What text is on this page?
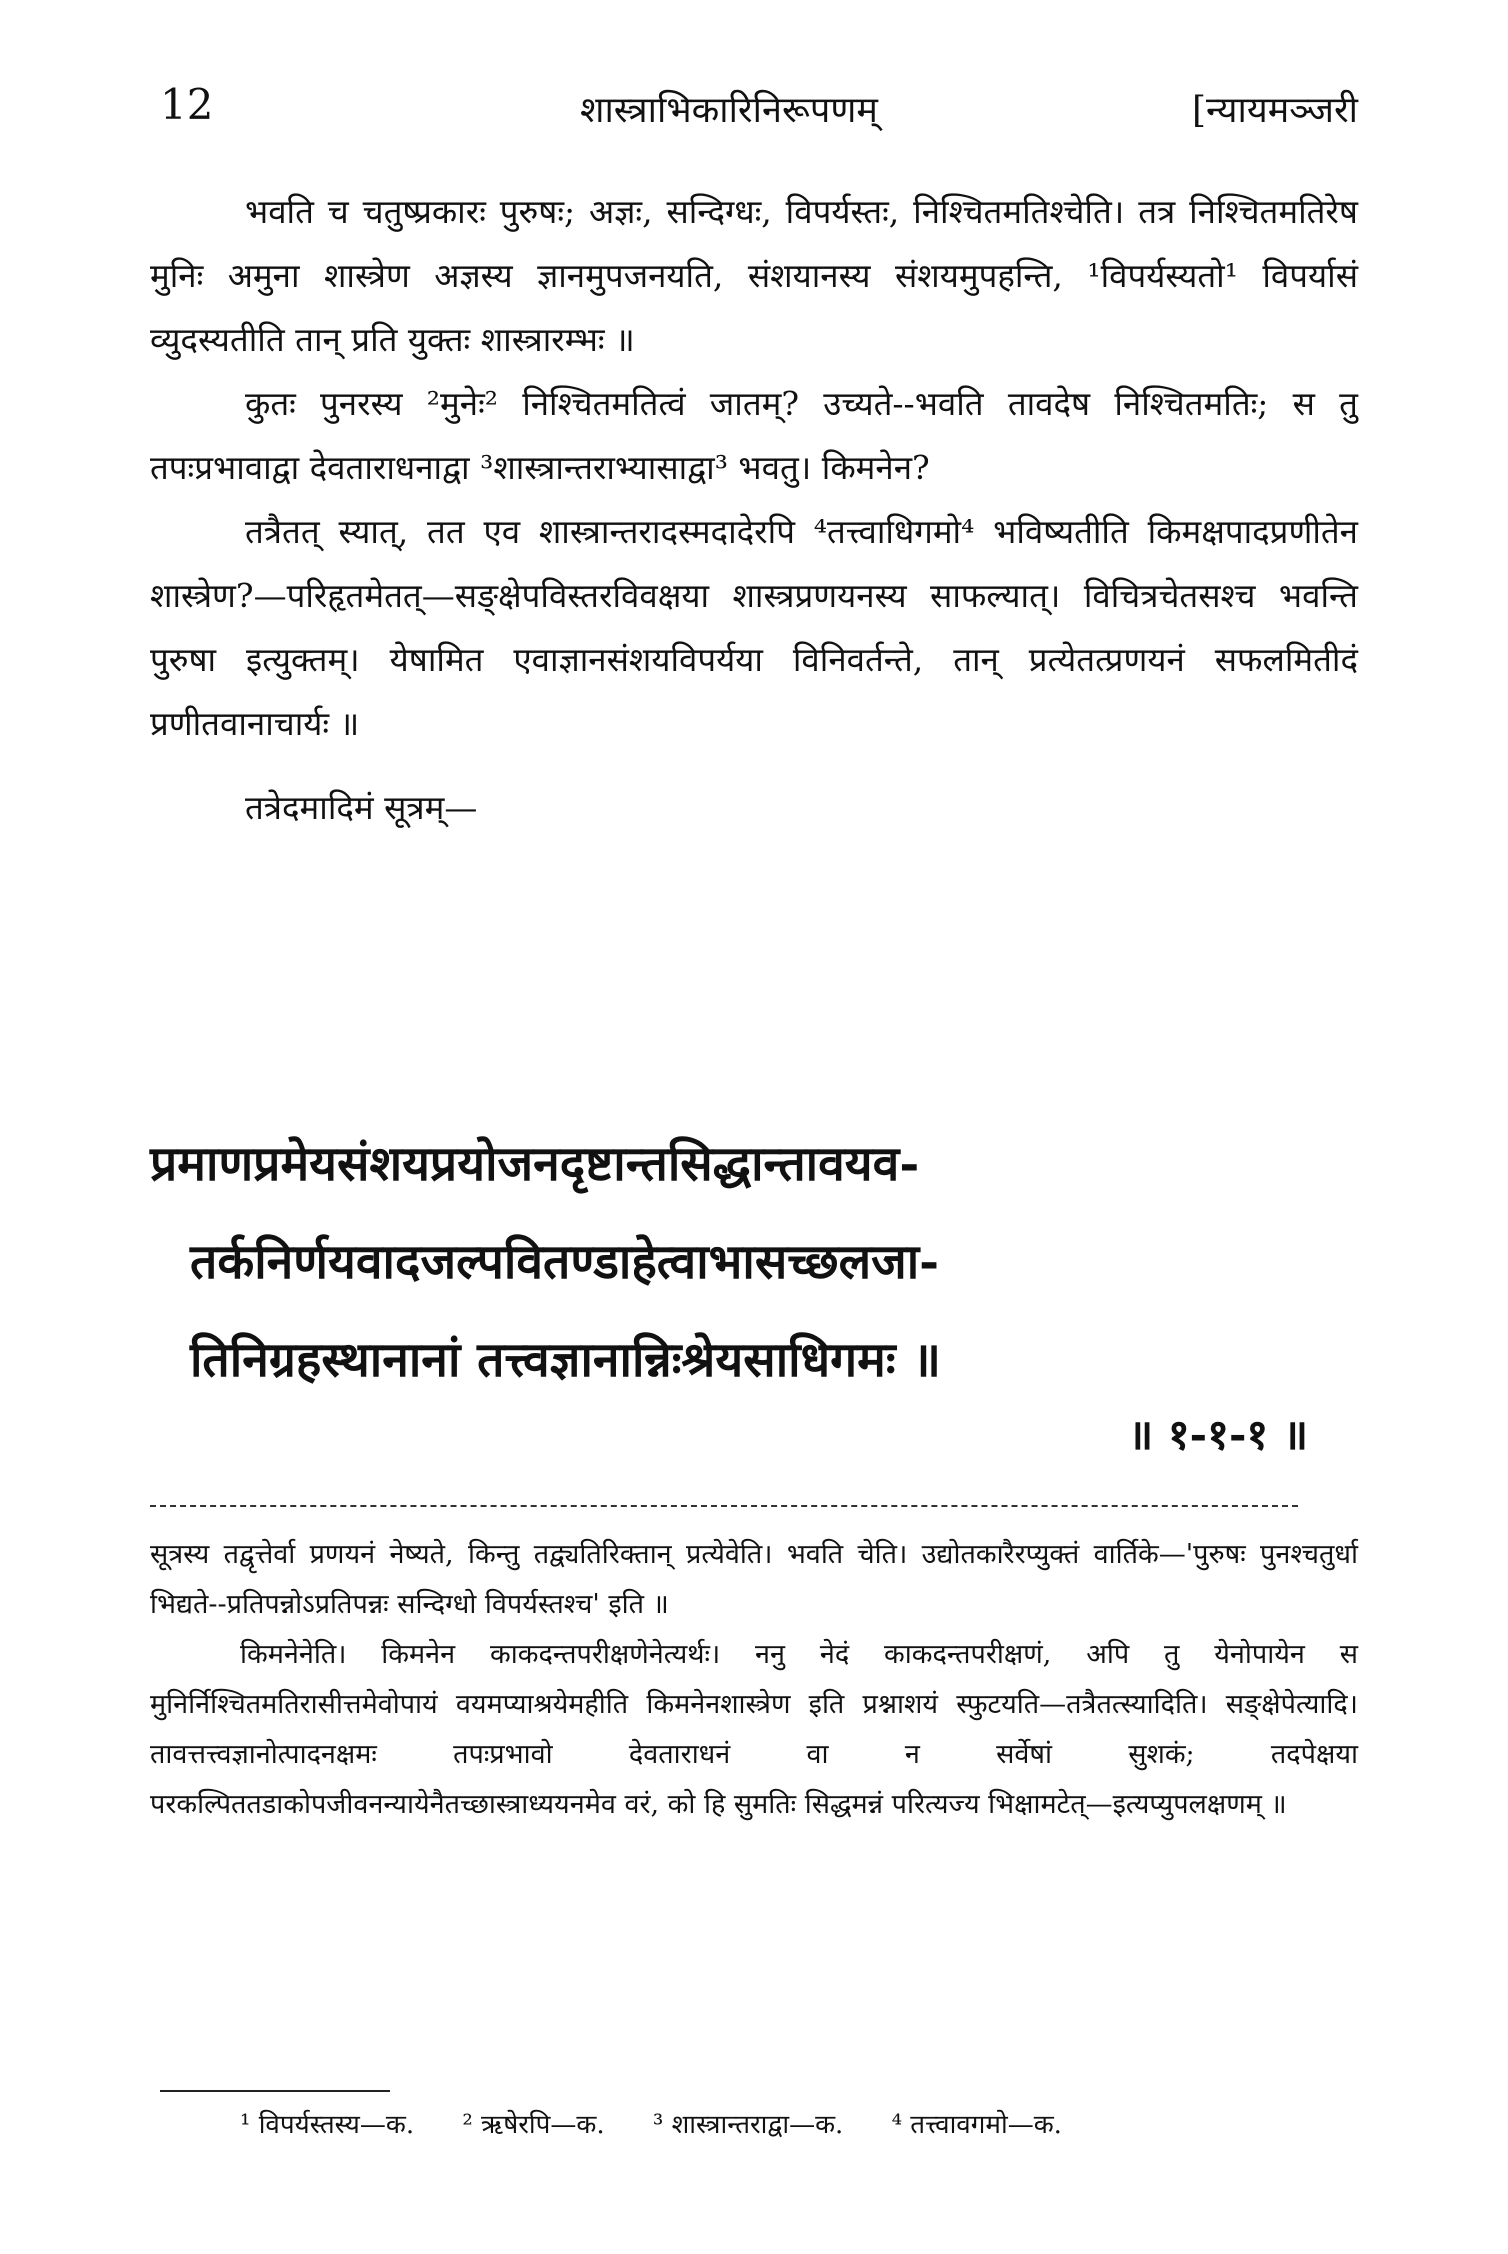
12	शास्त्राभिकारिनिरूपणम्	[न्यायमञ्जरी

भवति च चतुष्प्रकारः पुरुषः; अज्ञः, सन्दिग्धः, विपर्यस्तः, निश्चितमतिश्चेति। तत्र निश्चितमतिरेष मुनिः अमुना शास्त्रेण अज्ञस्य ज्ञानमुपजनयति, संशयानस्य संशयमुपहन्ति, ¹विपर्यस्यतो¹ विपर्यासं व्युदस्यतीति तान् प्रति युक्तः शास्त्रारम्भः ॥

कुतः पुनरस्य ²मुनेः² निश्चितमतित्वं जातम्? उच्यते--भवति तावदेष निश्चितमतिः; स तु तपःप्रभावाद्वा देवताराधनाद्वा ³शास्त्रान्तराभ्यासाद्वा³ भवतु। किमनेन?

तत्रैतत् स्यात्, तत एव शास्त्रान्तरादस्मदादेरपि ⁴तत्त्वाधिगमो⁴ भविष्यतीति किमक्षपादप्रणीतेन शास्त्रेण?—परिहृतमेतत्—सङ्क्षेपविस्तरविवक्षया शास्त्रप्रणयनस्य साफल्यात्। विचित्रचेतसश्च भवन्ति पुरुषा इत्युक्तम्। येषामित एवाज्ञानसंशयविपर्यया विनिवर्तन्ते, तान् प्रत्येतत्प्रणयनं सफलमितीदं प्रणीतवानाचार्यः ॥

तत्रेदमादिमं सूत्रम्—

प्रमाणप्रमेयसंशयप्रयोजनदृष्टान्तसिद्धान्तावयव-
तर्कनिर्णयवादजल्पवितण्डाहेत्वाभासच्छलजा-
तिनिग्रहस्थानानां तत्त्वज्ञानान्निःश्रेयसाधिगमः ॥
॥ १-१-१ ॥

सूत्रस्य तद्वृत्तेर्वा प्रणयनं नेष्यते, किन्तु तद्व्यतिरिक्तान् प्रत्येवेति। भवति चेति। उद्योतकारैरप्युक्तं वार्तिके—'पुरुषः पुनश्चतुर्धा भिद्यते--प्रतिपन्नोऽप्रतिपन्नः सन्दिग्धो विपर्यस्तश्च' इति ॥

किमनेनेति। किमनेन काकदन्तपरीक्षणेनेत्यर्थः। ननु नेदं काकदन्तपरीक्षणं, अपि तु येनोपायेन स मुनिर्निश्चितमतिरासीत्तमेवोपायं वयमप्याश्रयेमहीति किमनेनशास्त्रेण इति प्रश्नाशयं स्फुटयति—तत्रैतत्स्यादिति। सङ्क्षेपेत्यादि। तावत्तत्त्वज्ञानोत्पादनक्षमः तपःप्रभावो देवताराधनं वा न सर्वेषां सुशकं; तदपेक्षया परकल्पिततडाकोपजीवनन्यायेनैतच्छास्त्राध्ययनमेव वरं, को हि सुमतिः सिद्धमन्नं परित्यज्य भिक्षामटेत्—इत्यप्युपलक्षणम् ॥

¹ विपर्यस्तस्य—क. ² ऋषेरपि—क. ³ शास्त्रान्तराद्वा—क. ⁴ तत्त्वावगमो—क.
